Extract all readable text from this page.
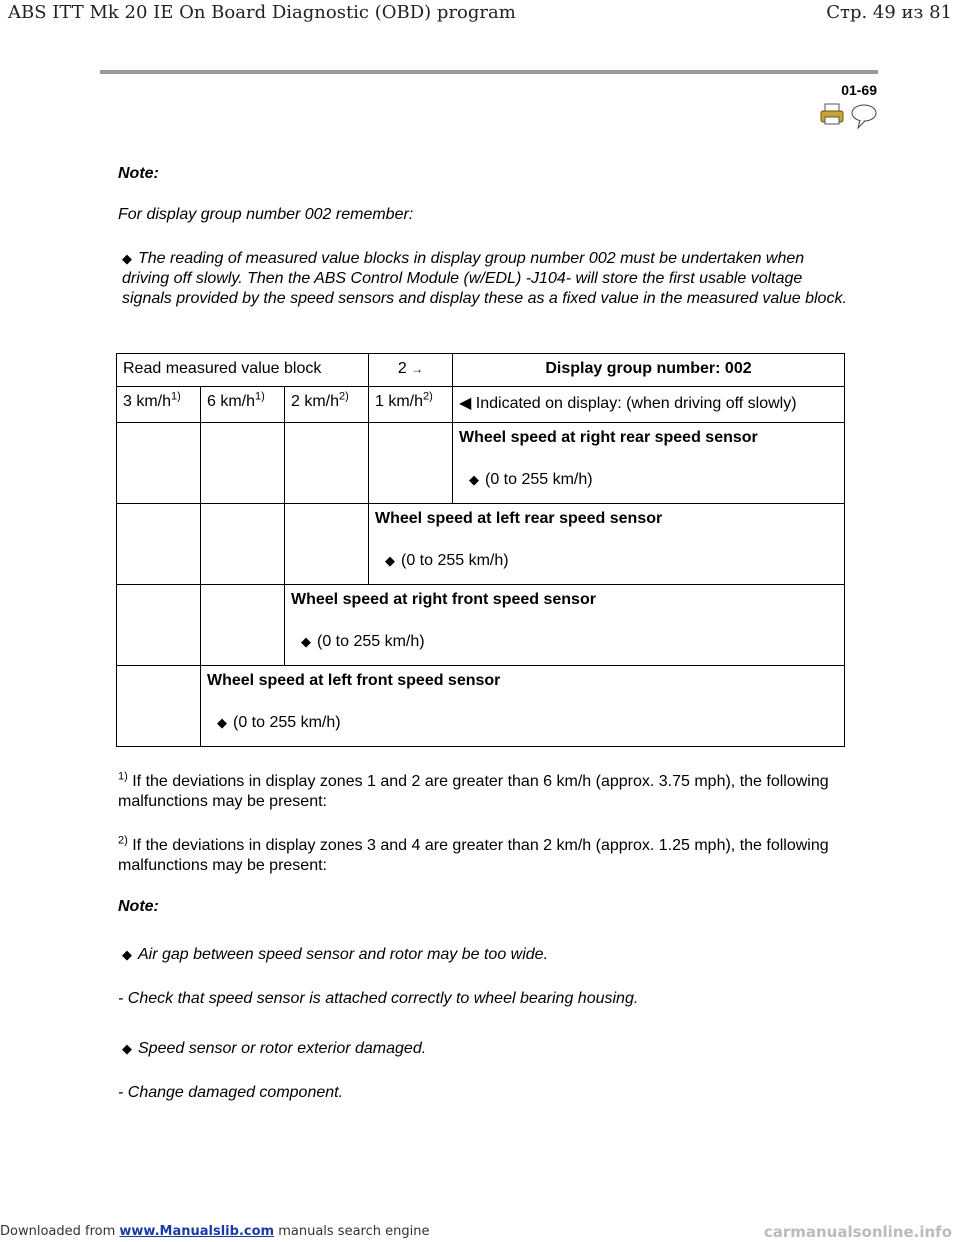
ABS ITT Mk 20 IE On Board Diagnostic (OBD) program	Стр. 49 из 81
01-69
Note:
For display group number 002 remember:
◆ The reading of measured value blocks in display group number 002 must be undertaken when driving off slowly. Then the ABS Control Module (w/EDL) -J104- will store the first usable voltage signals provided by the speed sensors and display these as a fixed value in the measured value block.
Read measured value block			2 →	Display group number: 002
3 $km/h^{1)}$	6 $km/h^{1)}$	2 $km/h^{2)}$	1 $km/h^{2)}$	◀ Indicated on display: (when driving off slowly)

				Wheel speed at right rear speed sensor
◆ (0 to 255 km/h)

			Wheel speed at left rear speed sensor
◆ (0 to 255 km/h)	

		Wheel speed at right front speed sensor
◆ (0 to 255 km/h)		

	Wheel speed at left front speed sensor
◆ (0 to 255 km/h)			
$^{1)}$ If the deviations in display zones 1 and 2 are greater than 6 km/h (approx. 3.75 mph), the following malfunctions may be present:
$^{2)}$ If the deviations in display zones 3 and 4 are greater than 2 km/h (approx. 1.25 mph), the following malfunctions may be present:
Note:
◆ Air gap between speed sensor and rotor may be too wide.
- Check that speed sensor is attached correctly to wheel bearing housing.
◆ Speed sensor or rotor exterior damaged.
- Change damaged component.
Downloaded from www.Manualslib.com manuals search engine	carmanualsonline.info
